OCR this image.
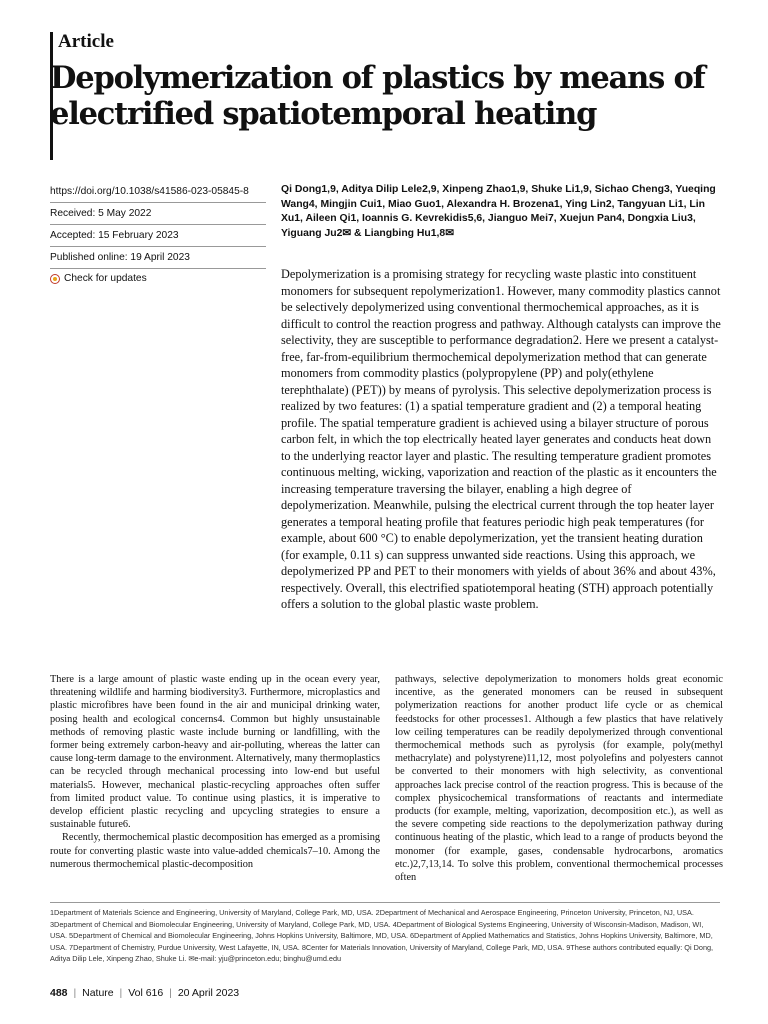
Article
Depolymerization of plastics by means of electrified spatiotemporal heating
https://doi.org/10.1038/s41586-023-05845-8
Received: 5 May 2022
Accepted: 15 February 2023
Published online: 19 April 2023
Check for updates
Qi Dong1,9, Aditya Dilip Lele2,9, Xinpeng Zhao1,9, Shuke Li1,9, Sichao Cheng3, Yueqing Wang4, Mingjin Cui1, Miao Guo1, Alexandra H. Brozena1, Ying Lin2, Tangyuan Li1, Lin Xu1, Aileen Qi1, Ioannis G. Kevrekidis5,6, Jianguo Mei7, Xuejun Pan4, Dongxia Liu3, Yiguang Ju2✉ & Liangbing Hu1,8✉

Depolymerization is a promising strategy for recycling waste plastic into constituent monomers for subsequent repolymerization1. However, many commodity plastics cannot be selectively depolymerized using conventional thermochemical approaches, as it is difficult to control the reaction progress and pathway. Although catalysts can improve the selectivity, they are susceptible to performance degradation2. Here we present a catalyst-free, far-from-equilibrium thermochemical depolymerization method that can generate monomers from commodity plastics (polypropylene (PP) and poly(ethylene terephthalate) (PET)) by means of pyrolysis. This selective depolymerization process is realized by two features: (1) a spatial temperature gradient and (2) a temporal heating profile. The spatial temperature gradient is achieved using a bilayer structure of porous carbon felt, in which the top electrically heated layer generates and conducts heat down to the underlying reactor layer and plastic. The resulting temperature gradient promotes continuous melting, wicking, vaporization and reaction of the plastic as it encounters the increasing temperature traversing the bilayer, enabling a high degree of depolymerization. Meanwhile, pulsing the electrical current through the top heater layer generates a temporal heating profile that features periodic high peak temperatures (for example, about 600 °C) to enable depolymerization, yet the transient heating duration (for example, 0.11 s) can suppress unwanted side reactions. Using this approach, we depolymerized PP and PET to their monomers with yields of about 36% and about 43%, respectively. Overall, this electrified spatiotemporal heating (STH) approach potentially offers a solution to the global plastic waste problem.

There is a large amount of plastic waste ending up in the ocean every year, threatening wildlife and harming biodiversity3. Furthermore, microplastics and plastic microfibres have been found in the air and municipal drinking water, posing health and ecological concerns4. Common but highly unsustainable methods of removing plastic waste include burning or landfilling, with the former being extremely carbon-heavy and air-polluting, whereas the latter can cause long-term damage to the environment. Alternatively, many thermoplastics can be recycled through mechanical processing into low-end but useful materials5. However, mechanical plastic-recycling approaches often suffer from limited product value. To continue using plastics, it is imperative to develop efficient plastic recycling and upcycling strategies to ensure a sustainable future6.

Recently, thermochemical plastic decomposition has emerged as a promising route for converting plastic waste into value-added chemicals7–10. Among the numerous thermochemical plastic-decomposition

pathways, selective depolymerization to monomers holds great economic incentive, as the generated monomers can be reused in subsequent polymerization reactions for another product life cycle or as chemical feedstocks for other processes1. Although a few plastics that have relatively low ceiling temperatures can be readily depolymerized through conventional thermochemical methods such as pyrolysis (for example, poly(methyl methacrylate) and polystyrene)11,12, most polyolefins and polyesters cannot be converted to their monomers with high selectivity, as conventional approaches lack precise control of the reaction progress. This is because of the complex physicochemical transformations of reactants and intermediate products (for example, melting, vaporization, decomposition etc.), as well as the severe competing side reactions to the depolymerization pathway during continuous heating of the plastic, which lead to a range of products beyond the monomer (for example, gases, condensable hydrocarbons, aromatics etc.)2,7,13,14. To solve this problem, conventional thermochemical processes often

1Department of Materials Science and Engineering, University of Maryland, College Park, MD, USA. 2Department of Mechanical and Aerospace Engineering, Princeton University, Princeton, NJ, USA. 3Department of Chemical and Biomolecular Engineering, University of Maryland, College Park, MD, USA. 4Department of Biological Systems Engineering, University of Wisconsin-Madison, Madison, WI, USA. 5Department of Chemical and Biomolecular Engineering, Johns Hopkins University, Baltimore, MD, USA. 6Department of Applied Mathematics and Statistics, Johns Hopkins University, Baltimore, MD, USA. 7Department of Chemistry, Purdue University, West Lafayette, IN, USA. 8Center for Materials Innovation, University of Maryland, College Park, MD, USA. 9These authors contributed equally: Qi Dong, Aditya Dilip Lele, Xinpeng Zhao, Shuke Li. ✉e-mail: yju@princeton.edu; binghu@umd.edu

488 | Nature | Vol 616 | 20 April 2023
